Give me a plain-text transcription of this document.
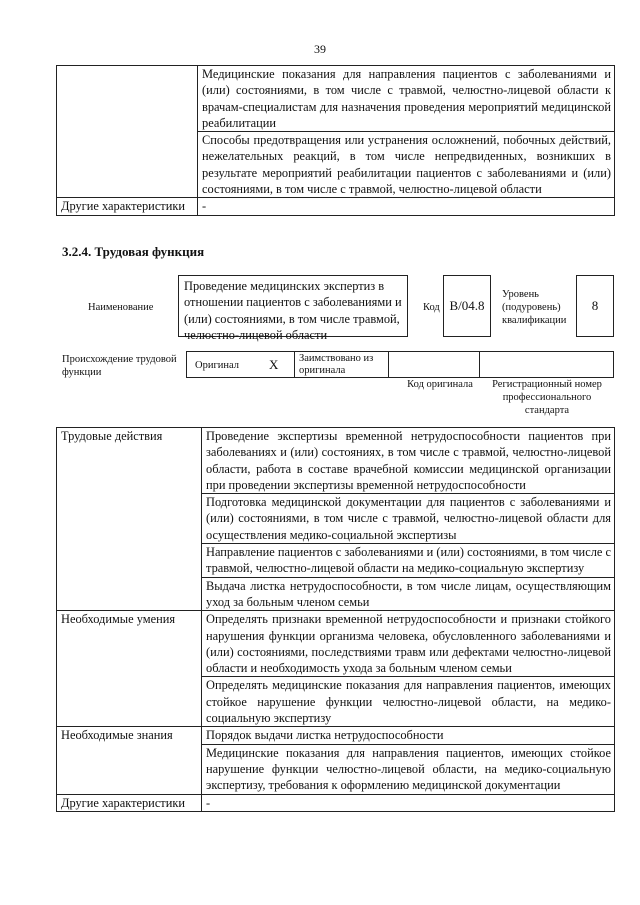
39
	Медицинские показания для направления пациентов с заболеваниями и (или) состояниями, в том числе с травмой, челюстно-лицевой области к врачам-специалистам для назначения проведения мероприятий медицинской реабилитации
	Способы предотвращения или устранения осложнений, побочных действий, нежелательных реакций, в том числе непредвиденных, возникших в результате мероприятий реабилитации пациентов с заболеваниями и (или) состояниями, в том числе с травмой, челюстно-лицевой области
Другие характеристики	-
3.2.4. Трудовая функция
Наименование
Проведение медицинских экспертиз в отношении пациентов с заболеваниями и (или) состояниями, в том числе травмой, челюстно-лицевой области
Код B/04.8
Уровень (подуровень) квалификации
8
Происхождение трудовой функции
Оригинал X	Заимствовано из оригинала
Код оригинала	Регистрационный номер профессионального стандарта
Трудовые действия	Проведение экспертизы временной нетрудоспособности пациентов при заболеваниях и (или) состояниях, в том числе с травмой, челюстно-лицевой области, работа в составе врачебной комиссии медицинской организации при проведении экспертизы временной нетрудоспособности
	Подготовка медицинской документации для пациентов с заболеваниями и (или) состояниями, в том числе с травмой, челюстно-лицевой области для осуществления медико-социальной экспертизы
	Направление пациентов с заболеваниями и (или) состояниями, в том числе с травмой, челюстно-лицевой области на медико-социальную экспертизу
	Выдача листка нетрудоспособности, в том числе лицам, осуществляющим уход за больным членом семьи
Необходимые умения	Определять признаки временной нетрудоспособности и признаки стойкого нарушения функции организма человека, обусловленного заболеваниями и (или) состояниями, последствиями травм или дефектами челюстно-лицевой области и необходимость ухода за больным членом семьи
	Определять медицинские показания для направления пациентов, имеющих стойкое нарушение функции челюстно-лицевой области, на медико-социальную экспертизу
Необходимые знания	Порядок выдачи листка нетрудоспособности
	Медицинские показания для направления пациентов, имеющих стойкое нарушение функции челюстно-лицевой области, на медико-социальную экспертизу, требования к оформлению медицинской документации
Другие характеристики	-
